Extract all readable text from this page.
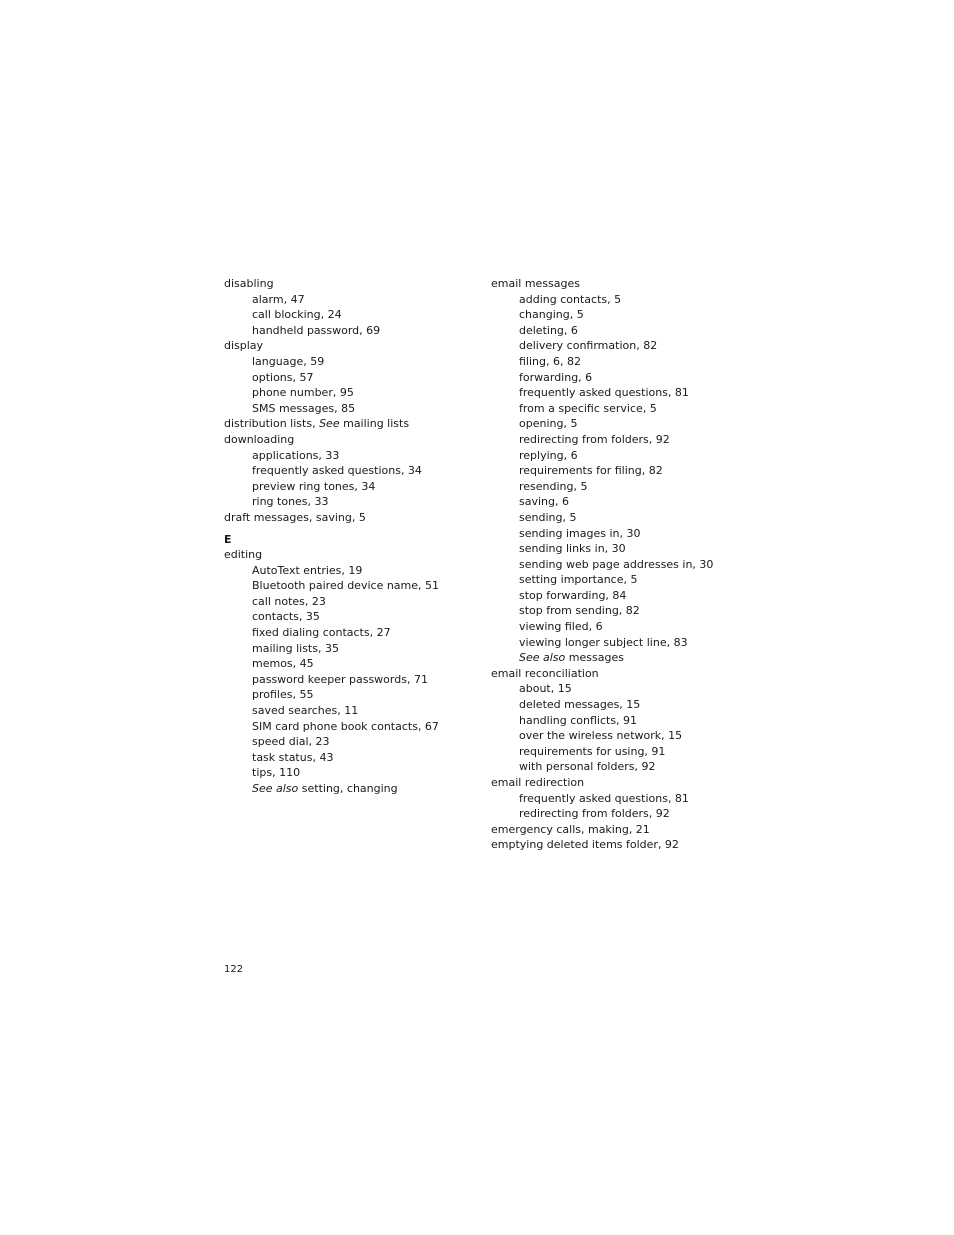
disabling
alarm, 47
call blocking, 24
handheld password, 69
display
language, 59
options, 57
phone number, 95
SMS messages, 85
distribution lists, See mailing lists
downloading
applications, 33
frequently asked questions, 34
preview ring tones, 34
ring tones, 33
draft messages, saving, 5
E
editing
AutoText entries, 19
Bluetooth paired device name, 51
call notes, 23
contacts, 35
fixed dialing contacts, 27
mailing lists, 35
memos, 45
password keeper passwords, 71
profiles, 55
saved searches, 11
SIM card phone book contacts, 67
speed dial, 23
task status, 43
tips, 110
See also setting, changing
email messages
adding contacts, 5
changing, 5
deleting, 6
delivery confirmation, 82
filing, 6, 82
forwarding, 6
frequently asked questions, 81
from a specific service, 5
opening, 5
redirecting from folders, 92
replying, 6
requirements for filing, 82
resending, 5
saving, 6
sending, 5
sending images in, 30
sending links in, 30
sending web page addresses in, 30
setting importance, 5
stop forwarding, 84
stop from sending, 82
viewing filed, 6
viewing longer subject line, 83
See also messages
email reconciliation
about, 15
deleted messages, 15
handling conflicts, 91
over the wireless network, 15
requirements for using, 91
with personal folders, 92
email redirection
frequently asked questions, 81
redirecting from folders, 92
emergency calls, making, 21
emptying deleted items folder, 92
122
